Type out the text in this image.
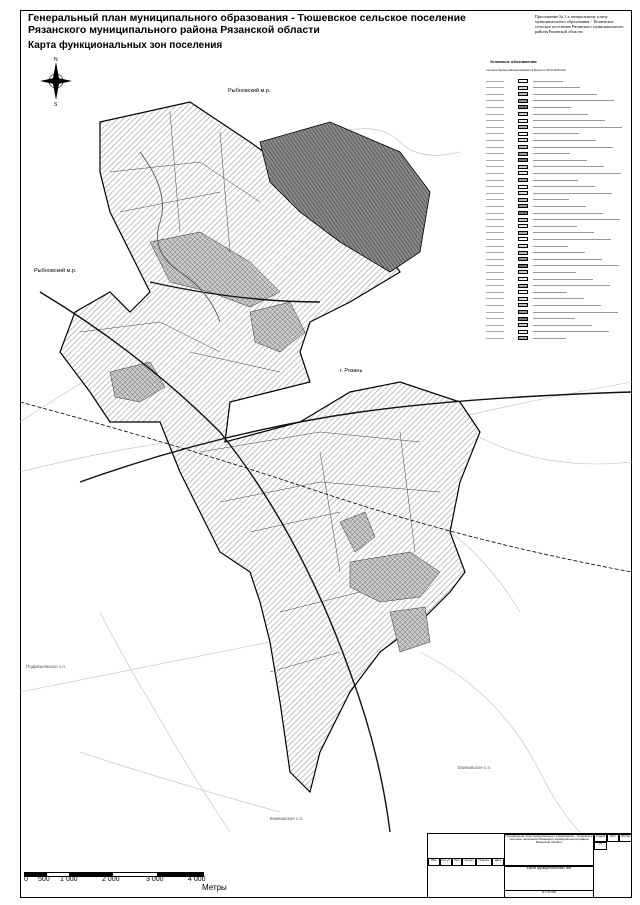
Генеральный план муниципального образования - Тюшевское сельское поселение Рязанского муниципального района Рязанской области
Карта функциональных зон поселения
Приложение № 1 к генеральному плану муниципального образования - Тюшевское сельское поселение Рязанского муниципального района Рязанской области
N
S
Рыбновский м.р.
Рыбновский м.р.
г. Рязань
Подвязьевское с.п.
Екимовское с.п.
Екимовское с.п.
Условные обозначения
Согласно Приказу Минэкономразвития России от 09.01.2018 №10
0 500 1 000	2 000	3 000	4 000
Метры
Изм.	Кол.уч.	Лист	№ док.	Подпись	Дата
Генеральный план муниципального образования - Тюшевское сельское поселение Рязанского муниципального района Рязанской области
Стадия	Лист	Листов
П
Карта функциональных зон
М 1:50 000
